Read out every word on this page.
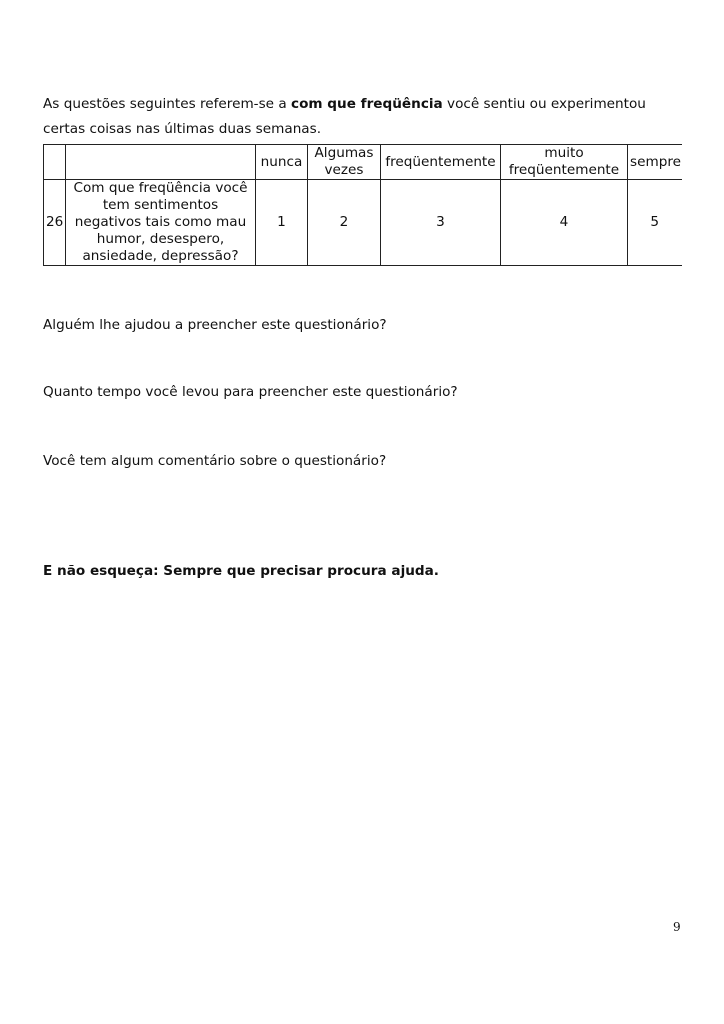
As questões seguintes referem-se a com que freqüência você sentiu ou experimentou certas coisas nas últimas duas semanas.
		nunca	Algumas vezes	freqüentemente	muito freqüentemente	sempre
26	Com que freqüência você tem sentimentos negativos tais como mau humor, desespero, ansiedade, depressão?	1	2	3	4	5
Alguém lhe ajudou a preencher este questionário?
Quanto tempo você levou para preencher este questionário?
Você tem algum comentário sobre o questionário?
E não esqueça: Sempre que precisar procura ajuda.
9
